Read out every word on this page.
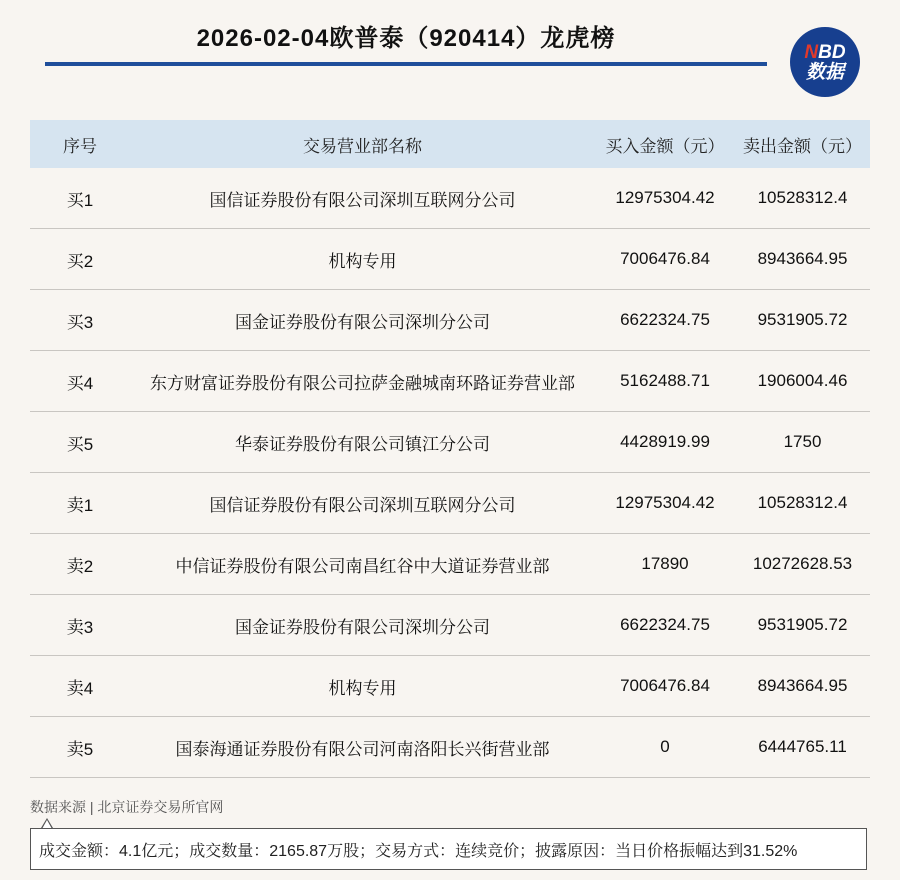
2026-02-04欧普泰（920414）龙虎榜	NBD
数据
序号	交易营业部名称	买入金额（元）	卖出金额（元）
买1	国信证券股份有限公司深圳互联网分公司	12975304.42	10528312.4
买2	机构专用	7006476.84	8943664.95
买3	国金证券股份有限公司深圳分公司	6622324.75	9531905.72
买4	东方财富证券股份有限公司拉萨金融城南环路证券营业部	5162488.71	1906004.46
买5	华泰证券股份有限公司镇江分公司	4428919.99	1750
卖1	国信证券股份有限公司深圳互联网分公司	12975304.42	10528312.4
卖2	中信证券股份有限公司南昌红谷中大道证券营业部	17890	10272628.53
卖3	国金证券股份有限公司深圳分公司	6622324.75	9531905.72
卖4	机构专用	7006476.84	8943664.95
卖5	国泰海通证券股份有限公司河南洛阳长兴街营业部	0	6444765.11
数据来源 | 北京证券交易所官网
成交金额：4.1亿元；成交数量：2165.87万股；交易方式：连续竞价；披露原因：当日价格振幅达到31.52%
